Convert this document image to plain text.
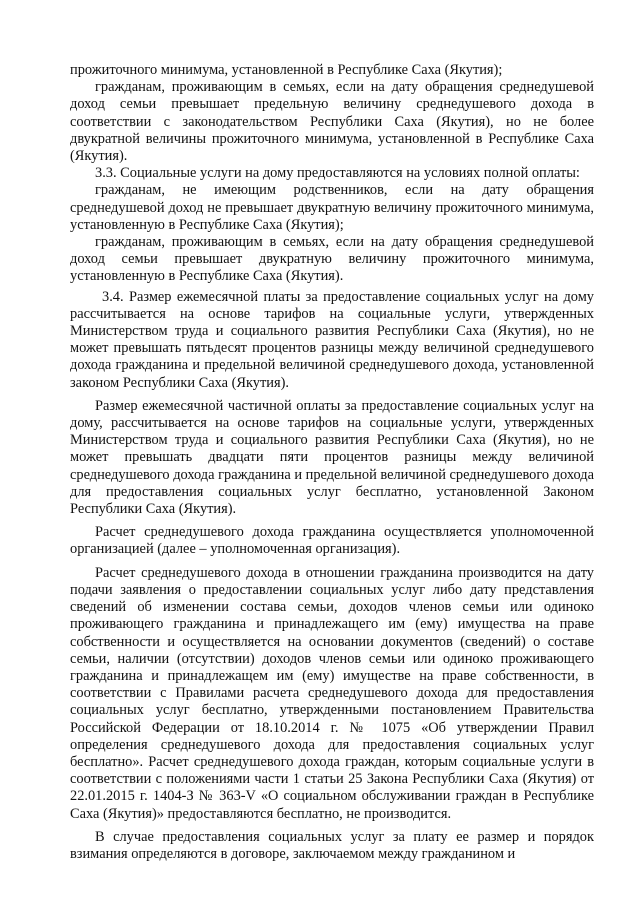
прожиточного минимума, установленной в Республике Саха (Якутия);

гражданам, проживающим в семьях, если на дату обращения среднедушевой доход семьи превышает предельную величину среднедушевого дохода в соответствии с законодательством Республики Саха (Якутия), но не более двукратной величины прожиточного минимума, установленной в Республике Саха (Якутия).

3.3. Социальные услуги на дому предоставляются на условиях полной оплаты:

гражданам, не имеющим родственников, если на дату обращения среднедушевой доход не превышает двукратную величину прожиточного минимума, установленную в Республике Саха (Якутия);

гражданам, проживающим в семьях, если на дату обращения среднедушевой доход семьи превышает двукратную величину прожиточного минимума, установленную в Республике Саха (Якутия).

3.4. Размер ежемесячной платы за предоставление социальных услуг на дому рассчитывается на основе тарифов на социальные услуги, утвержденных Министерством труда и социального развития Республики Саха (Якутия), но не может превышать пятьдесят процентов разницы между величиной среднедушевого дохода гражданина и предельной величиной среднедушевого дохода, установленной законом Республики Саха (Якутия).

Размер ежемесячной частичной оплаты за предоставление социальных услуг на дому, рассчитывается на основе тарифов на социальные услуги, утвержденных Министерством труда и социального развития Республики Саха (Якутия), но не может превышать двадцати пяти процентов разницы между величиной среднедушевого дохода гражданина и предельной величиной среднедушевого дохода для предоставления социальных услуг бесплатно, установленной Законом Республики Саха (Якутия).

Расчет среднедушевого дохода гражданина осуществляется уполномоченной организацией (далее – уполномоченная организация).

Расчет среднедушевого дохода в отношении гражданина производится на дату подачи заявления о предоставлении социальных услуг либо дату представления сведений об изменении состава семьи, доходов членов семьи или одиноко проживающего гражданина и принадлежащего им (ему) имущества на праве собственности и осуществляется на основании документов (сведений) о составе семьи, наличии (отсутствии) доходов членов семьи или одиноко проживающего гражданина и принадлежащем им (ему) имуществе на праве собственности, в соответствии с Правилами расчета среднедушевого дохода для предоставления социальных услуг бесплатно, утвержденными постановлением Правительства Российской Федерации от 18.10.2014 г. № 1075 «Об утверждении Правил определения среднедушевого дохода для предоставления социальных услуг бесплатно». Расчет среднедушевого дохода граждан, которым социальные услуги в соответствии с положениями части 1 статьи 25 Закона Республики Саха (Якутия) от 22.01.2015 г. 1404-З № 363-V «О социальном обслуживании граждан в Республике Саха (Якутия)» предоставляются бесплатно, не производится.

В случае предоставления социальных услуг за плату ее размер и порядок взимания определяются в договоре, заключаемом между гражданином и
